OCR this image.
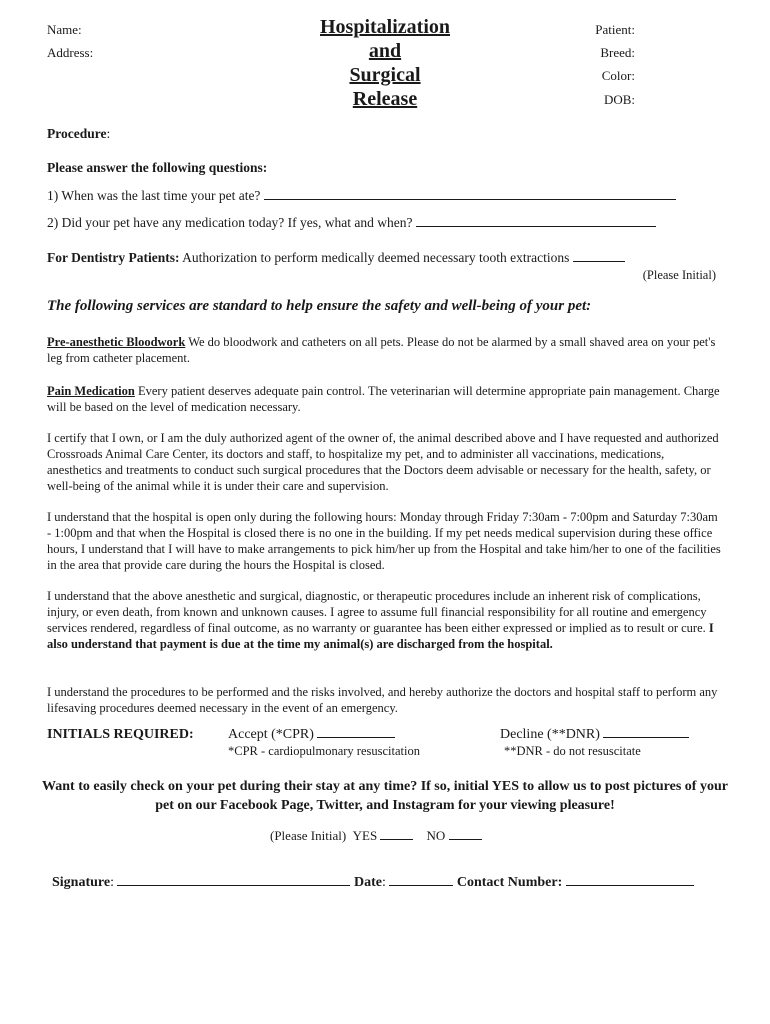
Name:
Address:
Hospitalization
and
Surgical
Release
Patient:
Breed:
Color:
DOB:
Procedure:
Please answer the following questions:
1) When was the last time your pet ate?
2) Did your pet have any medication today? If yes, what and when?
For Dentistry Patients: Authorization to perform medically deemed necessary tooth extractions
(Please Initial)
The following services are standard to help ensure the safety and well-being of your pet:
Pre-anesthetic Bloodwork We do bloodwork and catheters on all pets. Please do not be alarmed by a small shaved area on your pet's leg from catheter placement.
Pain Medication Every patient deserves adequate pain control. The veterinarian will determine appropriate pain management. Charge will be based on the level of medication necessary.
I certify that I own, or I am the duly authorized agent of the owner of, the animal described above and I have requested and authorized Crossroads Animal Care Center, its doctors and staff, to hospitalize my pet, and to administer all vaccinations, medications, anesthetics and treatments to conduct such surgical procedures that the Doctors deem advisable or necessary for the health, safety, or well-being of the animal while it is under their care and supervision.
I understand that the hospital is open only during the following hours: Monday through Friday 7:30am - 7:00pm and Saturday 7:30am - 1:00pm and that when the Hospital is closed there is no one in the building. If my pet needs medical supervision during these office hours, I understand that I will have to make arrangements to pick him/her up from the Hospital and take him/her to one of the facilities in the area that provide care during the hours the Hospital is closed.
I understand that the above anesthetic and surgical, diagnostic, or therapeutic procedures include an inherent risk of complications, injury, or even death, from known and unknown causes. I agree to assume full financial responsibility for all routine and emergency services rendered, regardless of final outcome, as no warranty or guarantee has been either expressed or implied as to result or cure. I also understand that payment is due at the time my animal(s) are discharged from the hospital.
I understand the procedures to be performed and the risks involved, and hereby authorize the doctors and hospital staff to perform any lifesaving procedures deemed necessary in the event of an emergency.
INITIALS REQUIRED: Accept (*CPR)
*CPR - cardiopulmonary resuscitation
Decline (**DNR)
**DNR - do not resuscitate
Want to easily check on your pet during their stay at any time? If so, initial YES to allow us to post pictures of your pet on our Facebook Page, Twitter, and Instagram for your viewing pleasure!
(Please Initial) YES	NO
Signature:	Date:	Contact Number:
